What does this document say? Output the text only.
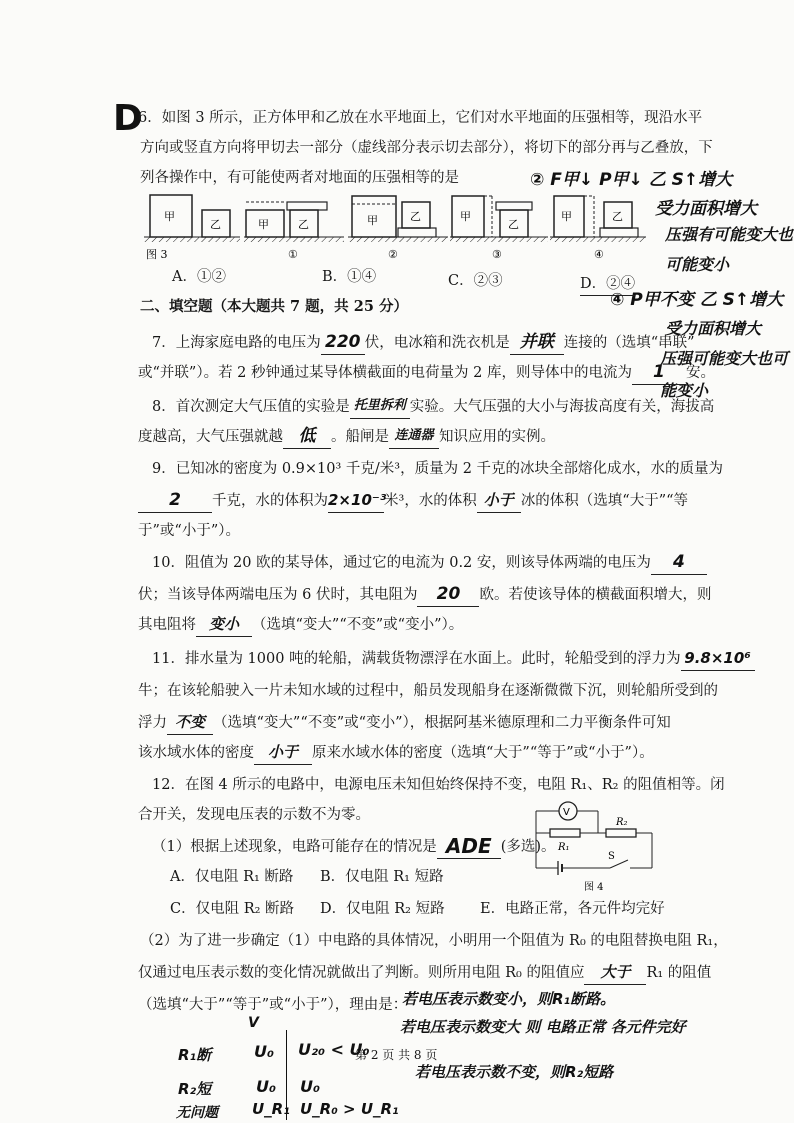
D
6．如图 3 所示，正方体甲和乙放在水平地面上，它们对水平地面的压强相等，现沿水平
方向或竖直方向将甲切去一部分（虚线部分表示切去部分），将切下的部分再与乙叠放，下
列各操作中，有可能使两者对地面的压强相等的是	② F甲↓ P甲↓ 乙 S↑增大
受力面积增大
压强有可能变大也
可能变小
④ P甲不变 乙 S↑增大
受力面积增大
压强可能变大也可
能变小
甲
乙	甲	乙	甲	乙	甲
乙
甲	乙
图 3	①	②	③	④
A．①②	B．①④	C．②③	D．②④
二、填空题（本大题共 7 题，共 25 分）
7．上海家庭电路的电压为 220 伏，电冰箱和洗衣机是 并联 连接的（选填“串联”
或“并联”）。若 2 秒钟通过某导体横截面的电荷量为 2 库，则导体中的电流为	1	安。
8．首次测定大气压值的实验是 托里拆利 实验。大气压强的大小与海拔高度有关，海拔高
度越高，大气压强就越 低	。船闸是 连通器 知识应用的实例。
9．已知冰的密度为 0.9×10³ 千克/米³，质量为 2 千克的冰块全部熔化成水，水的质量为
2	千克，水的体积为 2×10⁻³
米³，水的体积 小于 冰的体积（选填“大于”“等
于”或“小于”）。
10．阻值为 20 欧的某导体，通过它的电流为 0.2 安，则该导体两端的电压为	4

伏；当该导体两端电压为 6 伏时，其电阻为	20	欧。若使该导体的横截面积增大，则
其电阻将 变小 （选填“变大”“不变”或“变小”）。
11．排水量为 1000 吨的轮船，满载货物漂浮在水面上。此时，轮船受到的浮力为 9.8×10⁶

牛；在该轮船驶入一片未知水域的过程中，船员发现船身在逐渐微微下沉，则轮船所受到的
浮力 不变 （选填“变大”“不变”或“变小”），根据阿基米德原理和二力平衡条件可知
该水域水体的密度 小于 原来水域水体的密度（选填“大于”“等于”或“小于”）。
12．在图 4 所示的电路中，电源电压未知但始终保持不变，电阻 R₁、R₂ 的阻值相等。闭
合开关，发现电压表的示数不为零。
（1）根据上述现象，电路可能存在的情况是 ADE (多选)。
A．仅电阻 R₁ 断路 B．仅电阻 R₁ 短路
C．仅电阻 R₂ 断路 D．仅电阻 R₂ 短路 E．电路正常，各元件均完好
（2）为了进一步确定（1）中电路的具体情况，小明用一个阻值为 R₀ 的电阻替换电阻 R₁，
仅通过电压表示数的变化情况就做出了判断。则所用电阻 R₀ 的阻值应	大于	R₁ 的阻值
（选填“大于”“等于”或“小于”），理由是：
V
R₁
R₂
S
图 4
若电压表示数变小，则R₁断路。
若电压表示数变大 则 电路正常 各元件完好
若电压表示数不变，则R₂短路
V
R₁断	U₀ U₂₀ < U₀
R₂短	U₀ U₀
无问题 U_R₁ U_R₀ > U_R₁
第 2 页 共 8 页
